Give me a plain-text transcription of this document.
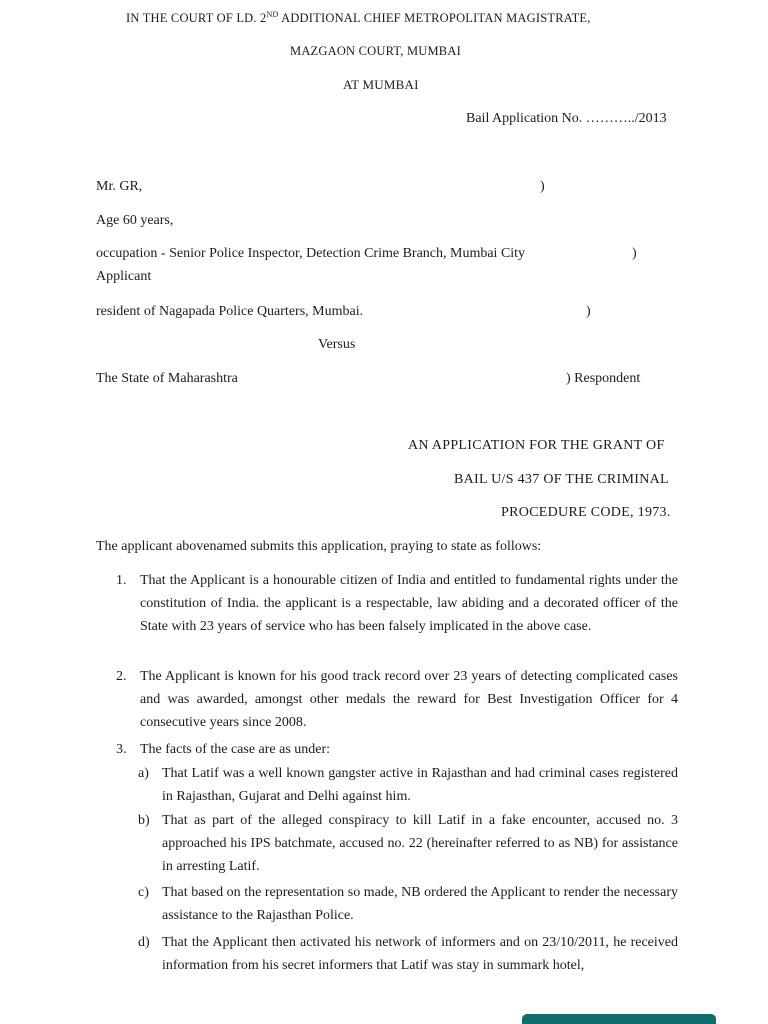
IN THE COURT OF LD. 2ND ADDITIONAL CHIEF METROPOLITAN MAGISTRATE,
MAZGAON COURT, MUMBAI
AT MUMBAI
Bail Application No. ………../2013
Mr. GR,	)
Age 60 years,
occupation - Senior Police Inspector, Detection Crime Branch, Mumbai City	)
Applicant
resident of Nagapada Police Quarters, Mumbai.	)
Versus
The State of Maharashtra	) Respondent
AN APPLICATION FOR THE GRANT OF
BAIL U/S 437 OF THE CRIMINAL
PROCEDURE CODE, 1973.
The applicant abovenamed submits this application, praying to state as follows:
1. That the Applicant is a honourable citizen of India and entitled to fundamental rights under the constitution of India. the applicant is a respectable, law abiding and a decorated officer of the State with 23 years of service who has been falsely implicated in the above case.
2. The Applicant is known for his good track record over 23 years of detecting complicated cases and was awarded, amongst other medals the reward for Best Investigation Officer for 4 consecutive years since 2008.
3. The facts of the case are as under:
a) That Latif was a well known gangster active in Rajasthan and had criminal cases registered in Rajasthan, Gujarat and Delhi against him.
b) That as part of the alleged conspiracy to kill Latif in a fake encounter, accused no. 3 approached his IPS batchmate, accused no. 22 (hereinafter referred to as NB) for assistance in arresting Latif.
c) That based on the representation so made, NB ordered the Applicant to render the necessary assistance to the Rajasthan Police.
d) That the Applicant then activated his network of informers and on 23/10/2011, he received information from his secret informers that Latif was stay in summark hotel,
